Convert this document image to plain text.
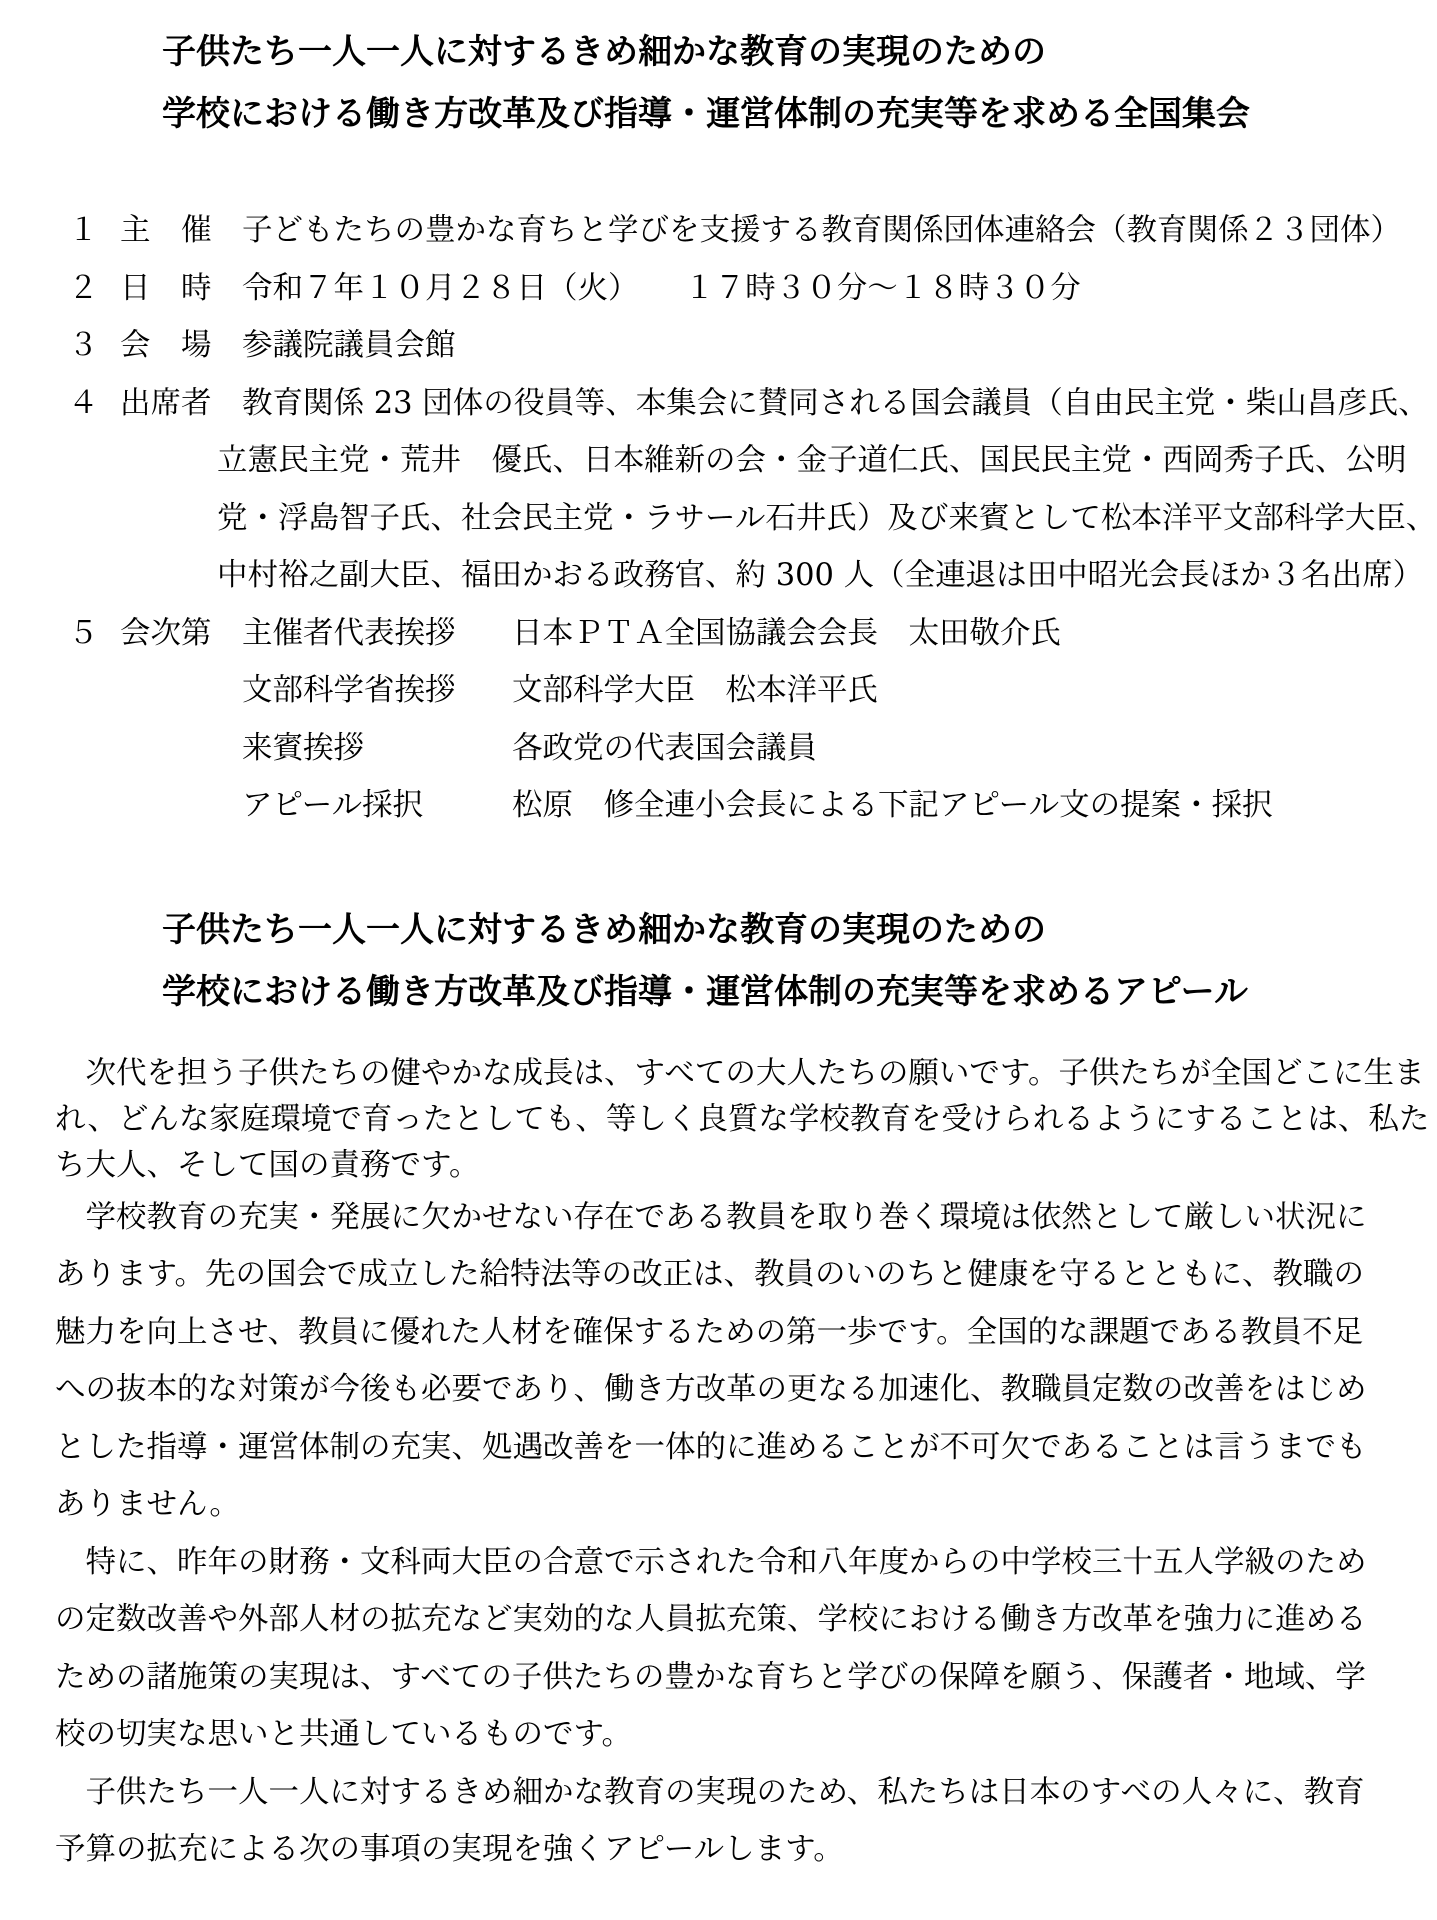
子供たち一人一人に対するきめ細かな教育の実現のための
学校における働き方改革及び指導・運営体制の充実等を求める全国集会
１ 主　催	子どもたちの豊かな育ちと学びを支援する教育関係団体連絡会（教育関係２３団体）
２ 日　時	令和７年１０月２８日（火）　　１７時３０分～１８時３０分
３ 会　場	参議院議員会館
４ 出席者	教育関係 23 団体の役員等、本集会に賛同される国会議員（自由民主党・柴山昌彦氏、
立憲民主党・荒井　優氏、日本維新の会・金子道仁氏、国民民主党・西岡秀子氏、公明
党・浮島智子氏、社会民主党・ラサール石井氏）及び来賓として松本洋平文部科学大臣、
中村裕之副大臣、福田かおる政務官、約 300 人（全連退は田中昭光会長ほか３名出席）
５ 会次第	主催者代表挨拶	日本ＰＴＡ全国協議会会長　太田敬介氏
文部科学省挨拶	文部科学大臣　松本洋平氏
来賓挨拶	各政党の代表国会議員
アピール採択	松原　修全連小会長による下記アピール文の提案・採択
子供たち一人一人に対するきめ細かな教育の実現のための
学校における働き方改革及び指導・運営体制の充実等を求めるアピール
　次代を担う子供たちの健やかな成長は、すべての大人たちの願いです。子供たちが全国どこに生ま
れ、どんな家庭環境で育ったとしても、等しく良質な学校教育を受けられるようにすることは、私た
ち大人、そして国の責務です。
　学校教育の充実・発展に欠かせない存在である教員を取り巻く環境は依然として厳しい状況に
あります。先の国会で成立した給特法等の改正は、教員のいのちと健康を守るとともに、教職の
魅力を向上させ、教員に優れた人材を確保するための第一歩です。全国的な課題である教員不足
への抜本的な対策が今後も必要であり、働き方改革の更なる加速化、教職員定数の改善をはじめ
とした指導・運営体制の充実、処遇改善を一体的に進めることが不可欠であることは言うまでも
ありません。
　特に、昨年の財務・文科両大臣の合意で示された令和八年度からの中学校三十五人学級のため
の定数改善や外部人材の拡充など実効的な人員拡充策、学校における働き方改革を強力に進める
ための諸施策の実現は、すべての子供たちの豊かな育ちと学びの保障を願う、保護者・地域、学
校の切実な思いと共通しているものです。
　子供たち一人一人に対するきめ細かな教育の実現のため、私たちは日本のすべの人々に、教育
予算の拡充による次の事項の実現を強くアピールします。
